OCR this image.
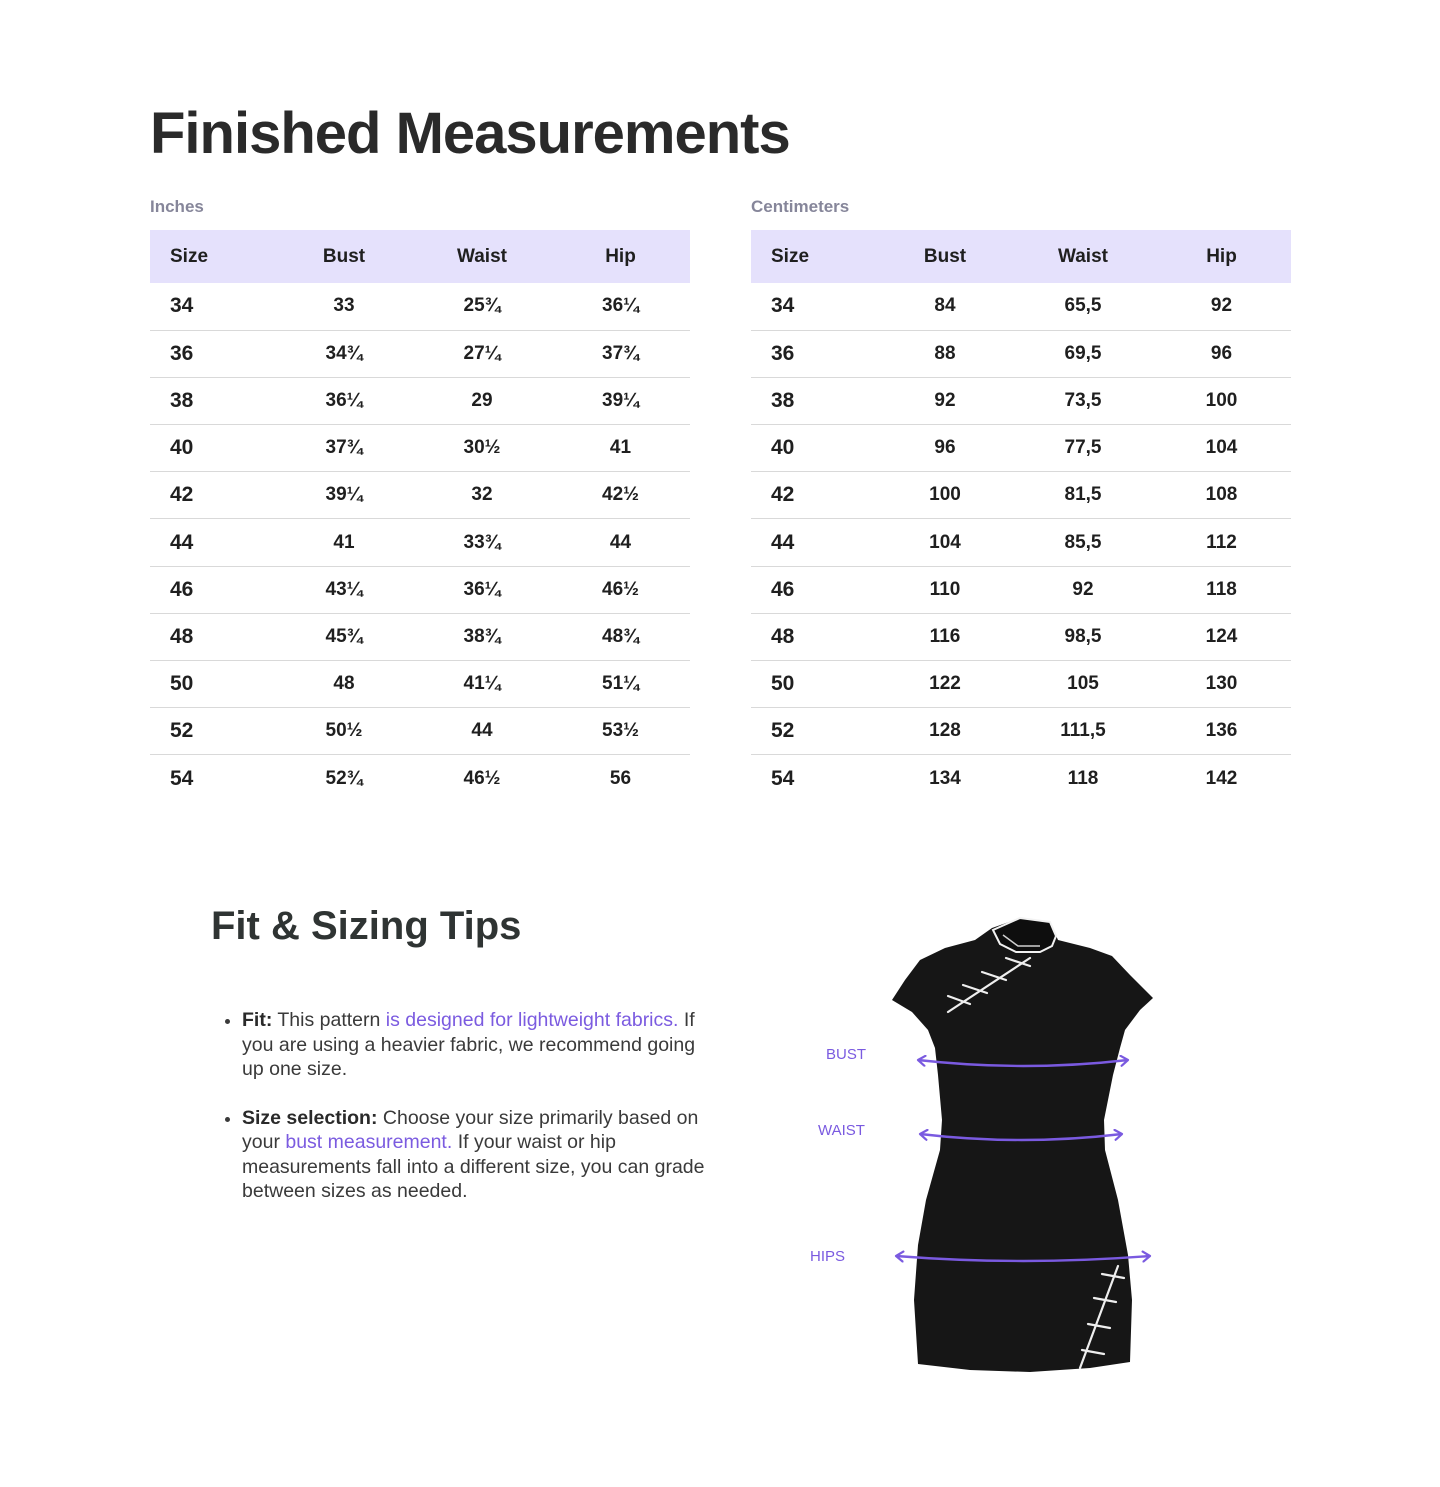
Finished Measurements
Inches
Size	Bust	Waist	Hip
34	33	25¾	36¼
36	34¾	27¼	37¾
38	36¼	29	39¼
40	37¾	30½	41
42	39¼	32	42½
44	41	33¾	44
46	43¼	36¼	46½
48	45¾	38¾	48¾
50	48	41¼	51¼
52	50½	44	53½
54	52¾	46½	56
Centimeters
Size	Bust	Waist	Hip
34	84	65,5	92
36	88	69,5	96
38	92	73,5	100
40	96	77,5	104
42	100	81,5	108
44	104	85,5	112
46	110	92	118
48	116	98,5	124
50	122	105	130
52	128	111,5	136
54	134	118	142
Fit & Sizing Tips
Fit: This pattern is designed for lightweight fabrics. If you are using a heavier fabric, we recommend going up one size.
Size selection: Choose your size primarily based on your bust measurement. If your waist or hip measurements fall into a different size, you can grade between sizes as needed.
BUST
WAIST
HIPS
